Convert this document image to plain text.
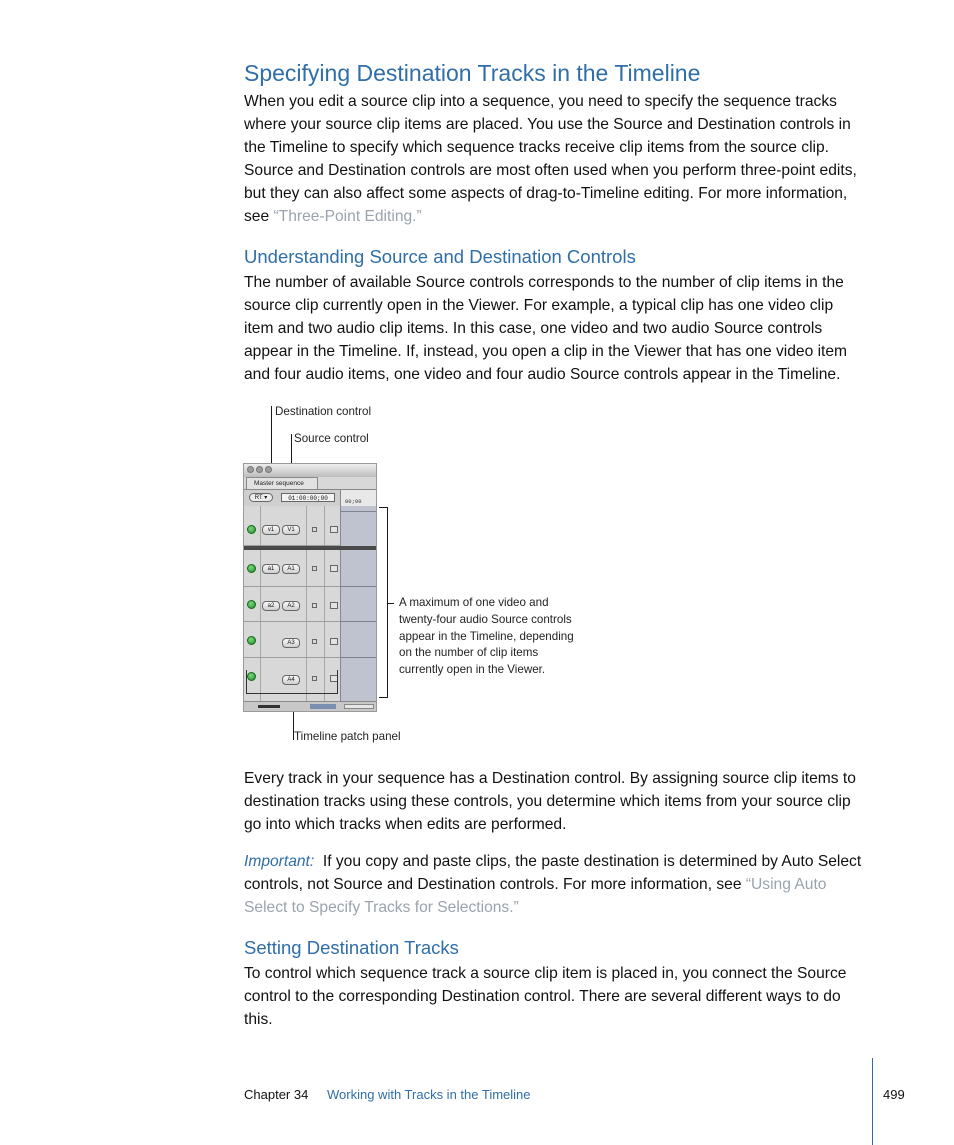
Specifying Destination Tracks in the Timeline

When you edit a source clip into a sequence, you need to specify the sequence tracks
where your source clip items are placed. You use the Source and Destination controls in
the Timeline to specify which sequence tracks receive clip items from the source clip.
Source and Destination controls are most often used when you perform three-point edits,
but they can also affect some aspects of drag-to-Timeline editing. For more information,
see “Three-Point Editing.”

Understanding Source and Destination Controls

The number of available Source controls corresponds to the number of clip items in the
source clip currently open in the Viewer. For example, a typical clip has one video clip
item and two audio clip items. In this case, one video and two audio Source controls
appear in the Timeline. If, instead, you open a clip in the Viewer that has one video item
and four audio items, one video and four audio Source controls appear in the Timeline.

Destination control
Source control
A maximum of one video and
twenty-four audio Source controls
appear in the Timeline, depending
on the number of clip items
currently open in the Viewer.
Timeline patch panel
Master sequence
RT ▾	01:00:00;00	00;00
v1	V1
a1	A1
a2	A2
A3
A4

Every track in your sequence has a Destination control. By assigning source clip items to
destination tracks using these controls, you determine which items from your source clip
go into which tracks when edits are performed.

Important: If you copy and paste clips, the paste destination is determined by Auto Select
controls, not Source and Destination controls. For more information, see “Using Auto
Select to Specify Tracks for Selections.”

Setting Destination Tracks

To control which sequence track a source clip item is placed in, you connect the Source
control to the corresponding Destination control. There are several different ways to do
this.

Chapter 34 Working with Tracks in the Timeline	499
